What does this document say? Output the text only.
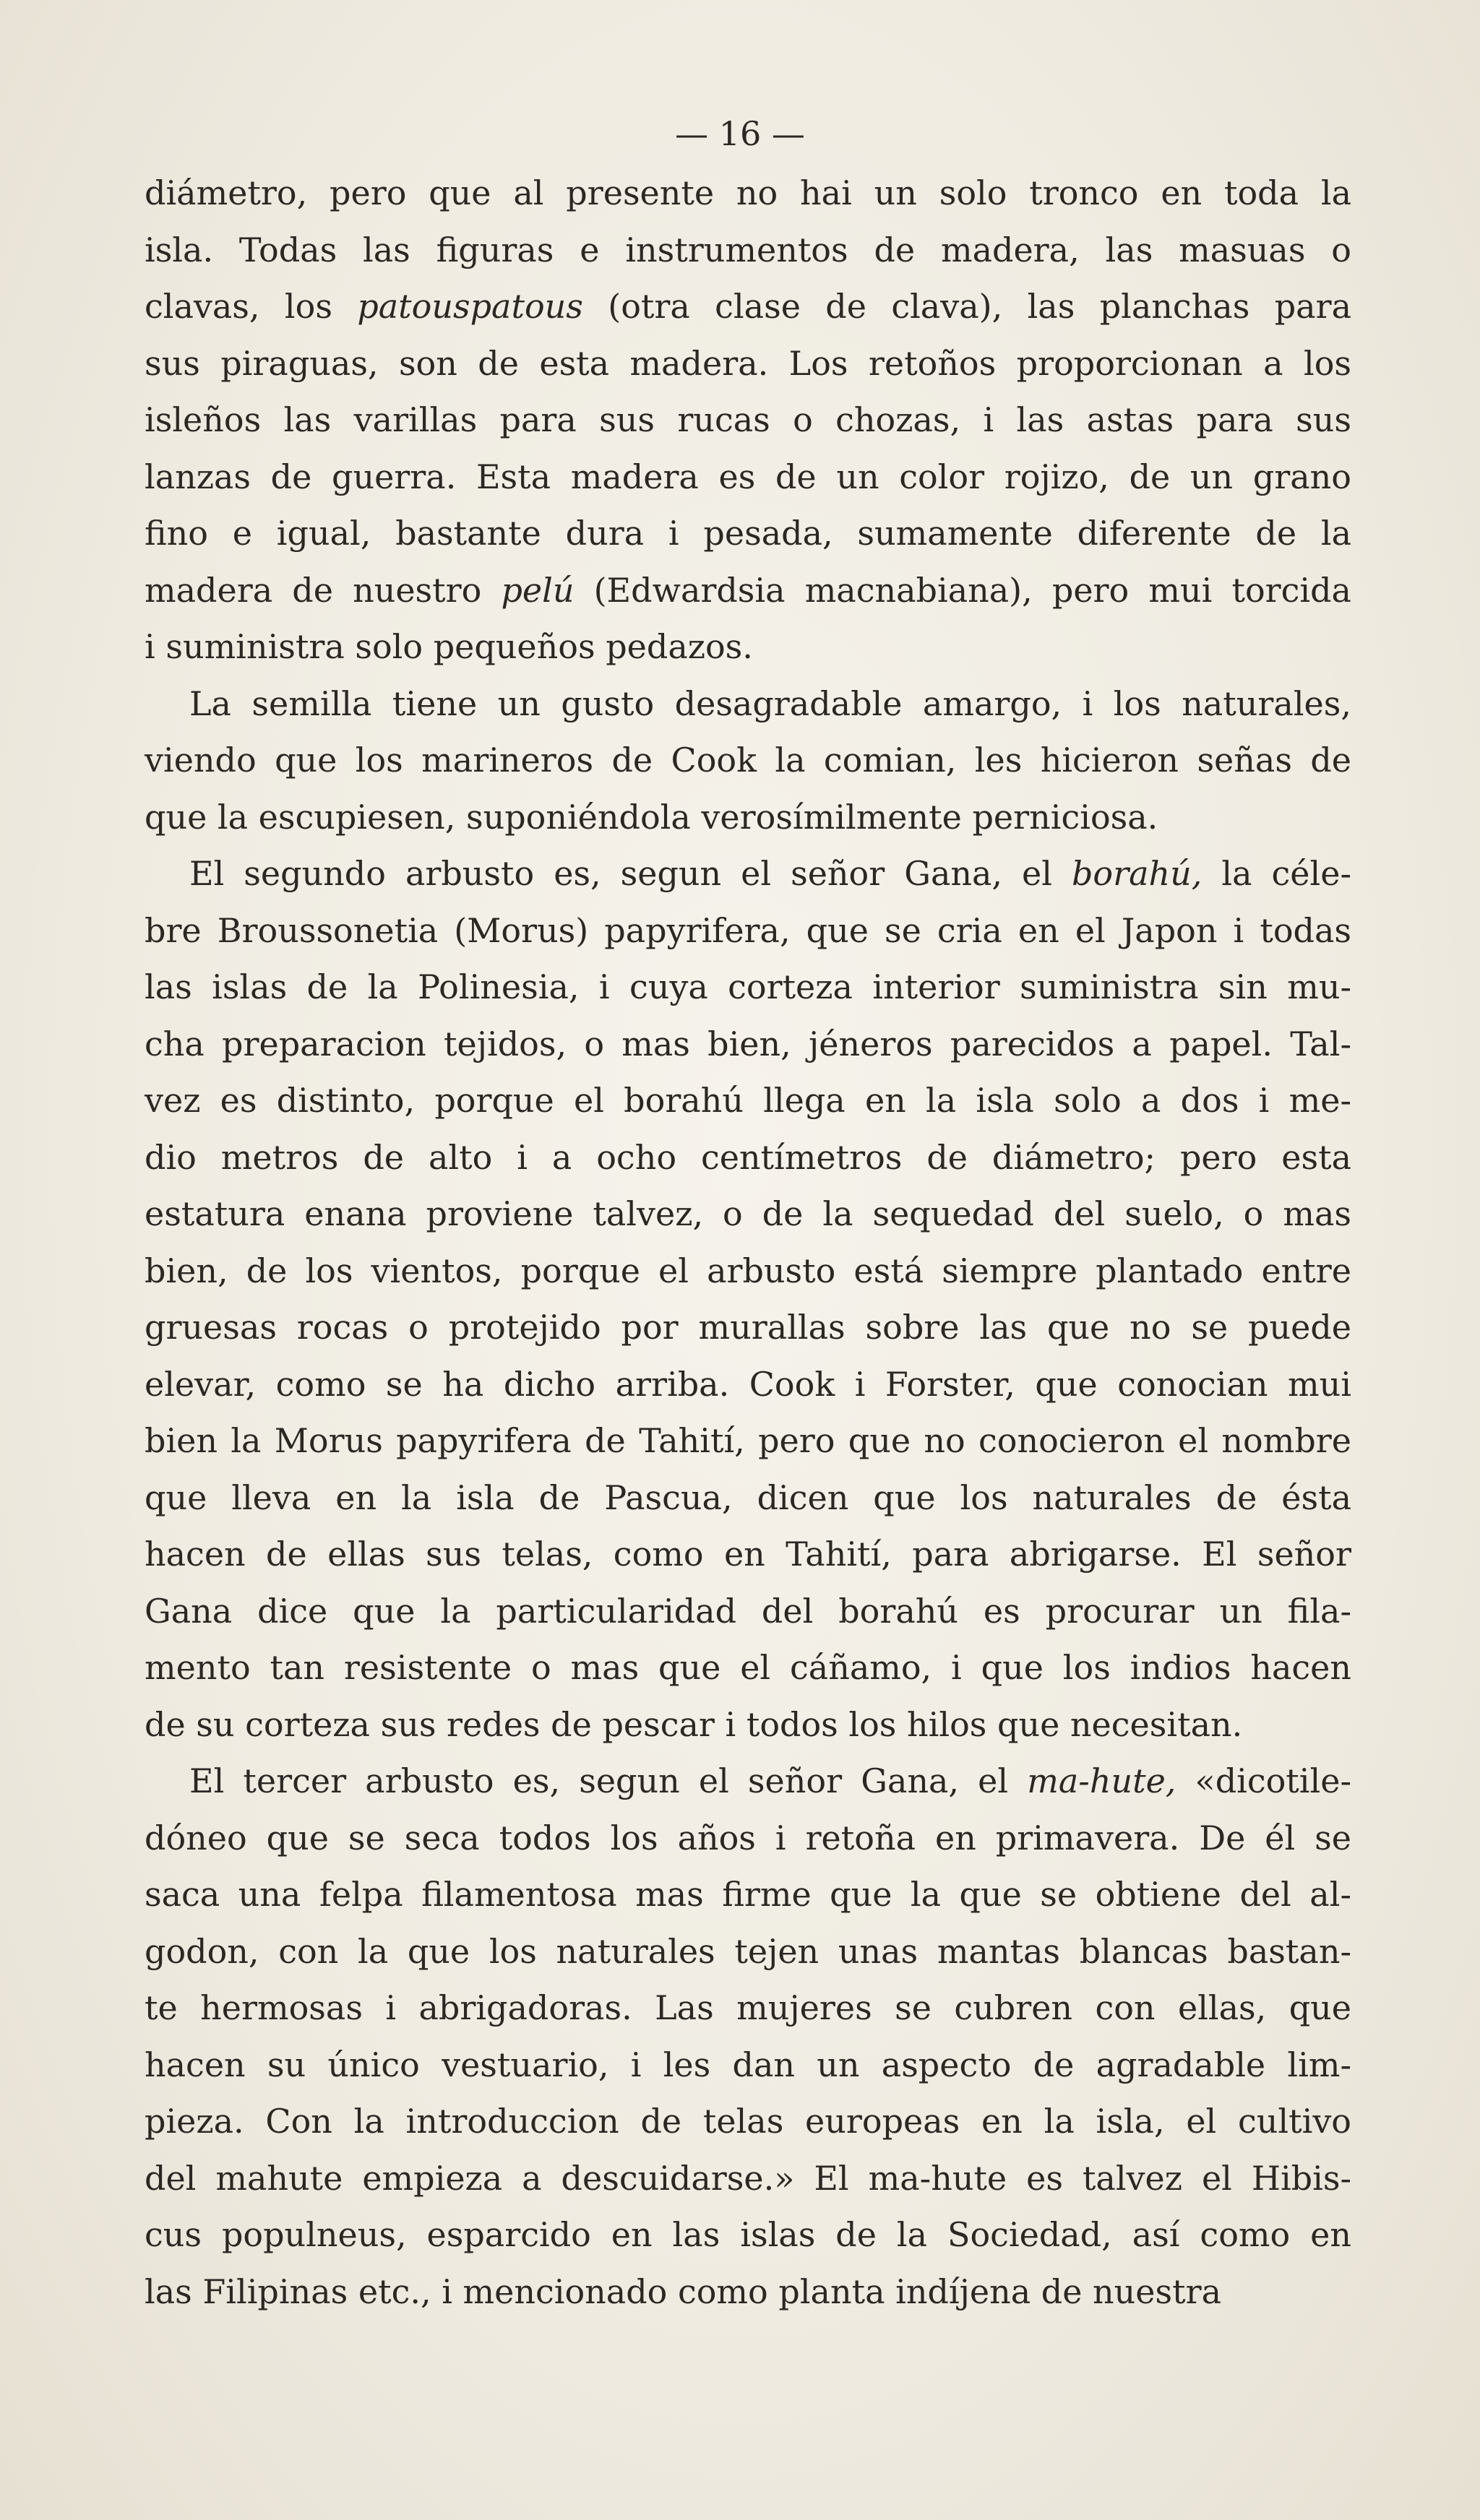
— 16 —
diámetro, pero que al presente no hai un solo tronco en toda la
isla. Todas las figuras e instrumentos de madera, las masuas o
clavas, los patouspatous (otra clase de clava), las planchas para
sus piraguas, son de esta madera. Los retoños proporcionan a los
isleños las varillas para sus rucas o chozas, i las astas para sus
lanzas de guerra. Esta madera es de un color rojizo, de un grano
fino e igual, bastante dura i pesada, sumamente diferente de la
madera de nuestro pelú (Edwardsia macnabiana), pero mui torcida
i suministra solo pequeños pedazos.
La semilla tiene un gusto desagradable amargo, i los naturales,
viendo que los marineros de Cook la comian, les hicieron señas de
que la escupiesen, suponiéndola verosímilmente perniciosa.
El segundo arbusto es, segun el señor Gana, el borahú, la céle-
bre Broussonetia (Morus) papyrifera, que se cria en el Japon i todas
las islas de la Polinesia, i cuya corteza interior suministra sin mu-
cha preparacion tejidos, o mas bien, jéneros parecidos a papel. Tal-
vez es distinto, porque el borahú llega en la isla solo a dos i me-
dio metros de alto i a ocho centímetros de diámetro; pero esta
estatura enana proviene talvez, o de la sequedad del suelo, o mas
bien, de los vientos, porque el arbusto está siempre plantado entre
gruesas rocas o protejido por murallas sobre las que no se puede
elevar, como se ha dicho arriba. Cook i Forster, que conocian mui
bien la Morus papyrifera de Tahití, pero que no conocieron el nombre
que lleva en la isla de Pascua, dicen que los naturales de ésta
hacen de ellas sus telas, como en Tahití, para abrigarse. El señor
Gana dice que la particularidad del borahú es procurar un fila-
mento tan resistente o mas que el cáñamo, i que los indios hacen
de su corteza sus redes de pescar i todos los hilos que necesitan.
El tercer arbusto es, segun el señor Gana, el ma-hute, «dicotile-
dóneo que se seca todos los años i retoña en primavera. De él se
saca una felpa filamentosa mas firme que la que se obtiene del al-
godon, con la que los naturales tejen unas mantas blancas bastan-
te hermosas i abrigadoras. Las mujeres se cubren con ellas, que
hacen su único vestuario, i les dan un aspecto de agradable lim-
pieza. Con la introduccion de telas europeas en la isla, el cultivo
del mahute empieza a descuidarse.» El ma-hute es talvez el Hibis-
cus populneus, esparcido en las islas de la Sociedad, así como en
las Filipinas etc., i mencionado como planta indíjena de nuestra
